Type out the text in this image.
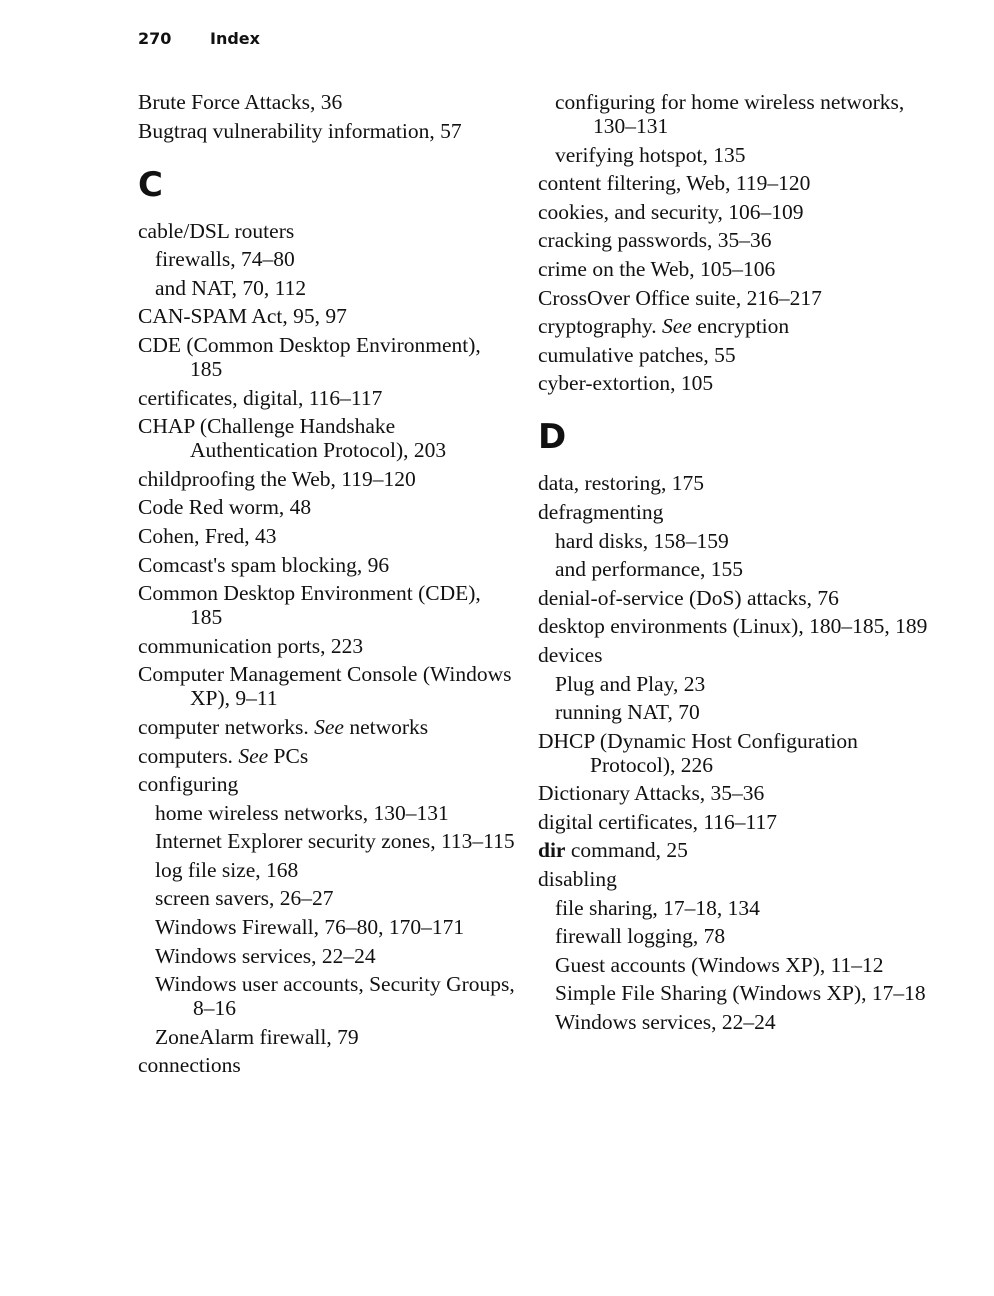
270 Index

Brute Force Attacks, 36

Bugtraq vulnerability information, 57

C

cable/DSL routers

firewalls, 74–80

and NAT, 70, 112

CAN-SPAM Act, 95, 97

CDE (Common Desktop Environment), 185

certificates, digital, 116–117

CHAP (Challenge Handshake Authentication Protocol), 203

childproofing the Web, 119–120

Code Red worm, 48

Cohen, Fred, 43

Comcast's spam blocking, 96

Common Desktop Environment (CDE), 185

communication ports, 223

Computer Management Console (Windows XP), 9–11

computer networks. See networks

computers. See PCs

configuring

home wireless networks, 130–131

Internet Explorer security zones, 113–115

log file size, 168

screen savers, 26–27

Windows Firewall, 76–80, 170–171

Windows services, 22–24

Windows user accounts, Security Groups, 8–16

ZoneAlarm firewall, 79

connections

configuring for home wireless networks, 130–131

verifying hotspot, 135

content filtering, Web, 119–120

cookies, and security, 106–109

cracking passwords, 35–36

crime on the Web, 105–106

CrossOver Office suite, 216–217

cryptography. See encryption

cumulative patches, 55

cyber-extortion, 105

D

data, restoring, 175

defragmenting

hard disks, 158–159

and performance, 155

denial-of-service (DoS) attacks, 76

desktop environments (Linux), 180–185, 189

devices

Plug and Play, 23

running NAT, 70

DHCP (Dynamic Host Configuration Protocol), 226

Dictionary Attacks, 35–36

digital certificates, 116–117

dir command, 25

disabling

file sharing, 17–18, 134

firewall logging, 78

Guest accounts (Windows XP), 11–12

Simple File Sharing (Windows XP), 17–18

Windows services, 22–24
